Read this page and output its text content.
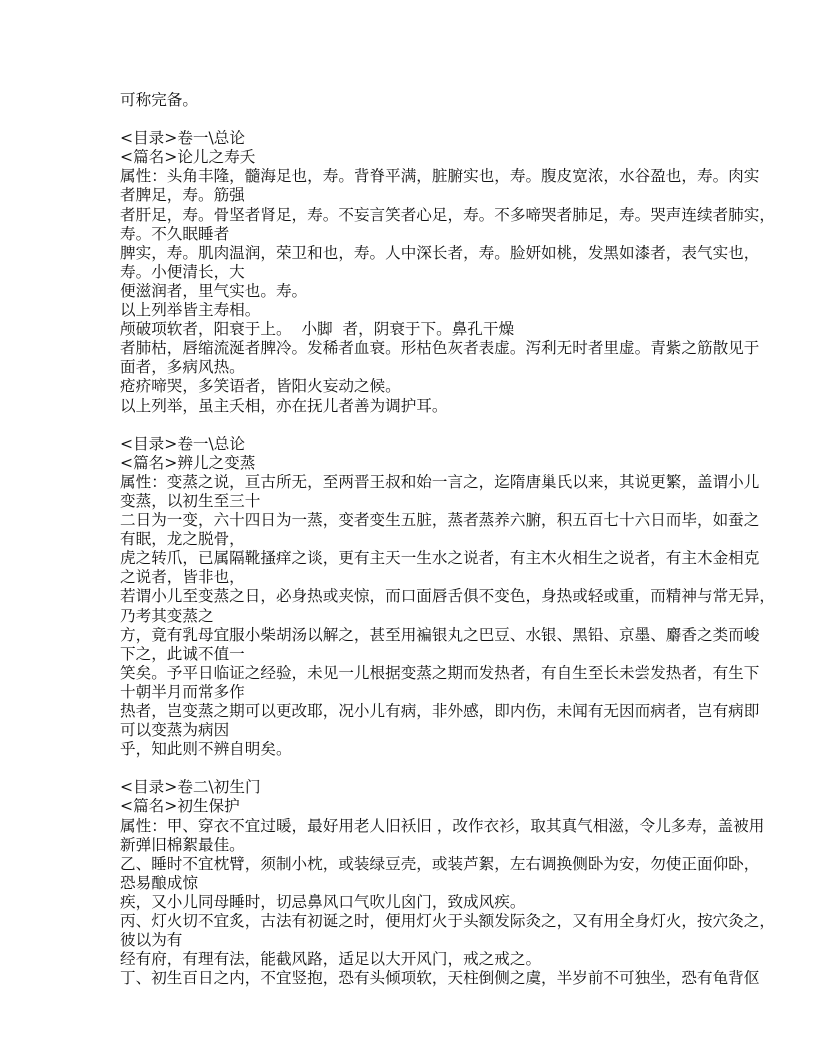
可称完备。
<目录>卷一\总论
<篇名>论儿之寿夭
属性：头角丰隆，髓海足也，寿。背脊平满，脏腑实也，寿。腹皮宽浓，水谷盈也，寿。肉实
者脾足，寿。筋强
者肝足，寿。骨坚者肾足，寿。不妄言笑者心足，寿。不多啼哭者肺足，寿。哭声连续者肺实，
寿。不久眠睡者
脾实，寿。肌肉温润，荣卫和也，寿。人中深长者，寿。脸妍如桃，发黑如漆者，表气实也，
寿。小便清长，大
便滋润者，里气实也。寿。
以上列举皆主寿相。
颅破项软者，阳衰于上。  小脚  者，阴衰于下。鼻孔干燥
者肺枯，唇缩流涎者脾冷。发稀者血衰。形枯色灰者表虚。泻利无时者里虚。青紫之筋散见于
面者，多病风热。
疮疥啼哭，多笑语者，皆阳火妄动之候。
以上列举，虽主夭相，亦在抚儿者善为调护耳。
<目录>卷一\总论
<篇名>辨儿之变蒸
属性：变蒸之说，亘古所无，至两晋王叔和始一言之，迄隋唐巢氏以来，其说更繁，盖谓小儿
变蒸，以初生至三十
二日为一变，六十四日为一蒸，变者变生五脏，蒸者蒸养六腑，积五百七十六日而毕，如蚕之
有眠，龙之脱骨，
虎之转爪，已属隔靴搔痒之谈，更有主天一生水之说者，有主木火相生之说者，有主木金相克
之说者，皆非也，
若谓小儿至变蒸之日，必身热或夹惊，而口面唇舌俱不变色，身热或轻或重，而精神与常无异，
乃考其变蒸之
方，竟有乳母宜服小柴胡汤以解之，甚至用褊银丸之巴豆、水银、黑铅、京墨、麝香之类而峻
下之，此诚不值一
笑矣。予平日临证之经验，未见一儿根据变蒸之期而发热者，有自生至长未尝发热者，有生下
十朝半月而常多作
热者，岂变蒸之期可以更改耶，况小儿有病，非外感，即内伤，未闻有无因而病者，岂有病即
可以变蒸为病因
乎，知此则不辨自明矣。
<目录>卷二\初生门
<篇名>初生保护
属性：甲、穿衣不宜过暖，最好用老人旧袄旧 ，改作衣衫，取其真气相滋，令儿多寿，盖被用
新弹旧棉絮最佳。
乙、睡时不宜枕臂，须制小枕，或装绿豆壳，或装芦絮，左右调换侧卧为安，勿使正面仰卧，
恐易酿成惊
疾，又小儿同母睡时，切忌鼻风口气吹儿囟门，致成风疾。
丙、灯火切不宜炙，古法有初诞之时，便用灯火于头额发际灸之，又有用全身灯火，按穴灸之，
彼以为有
经有府，有理有法，能截风路，适足以大开风门，戒之戒之。
丁、初生百日之内，不宜竖抱，恐有头倾项软，天柱倒侧之虞，半岁前不可独坐，恐有龟背伛
